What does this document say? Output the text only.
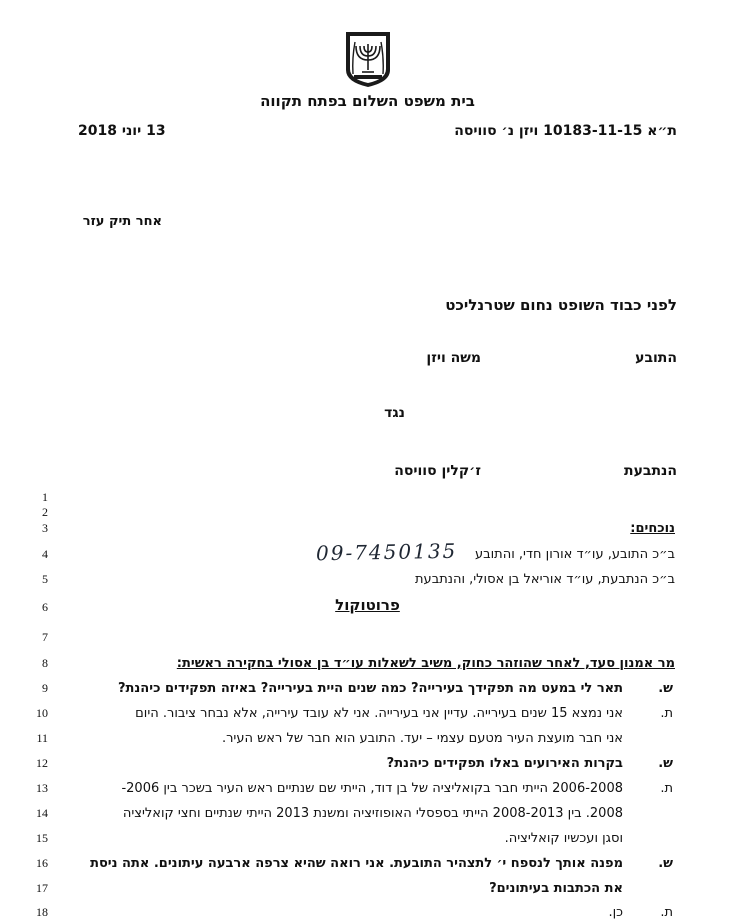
בית משפט השלום בפתח תקווה
ת״א 10183-11-15 ויזן נ׳ סוויסה
13 יוני 2018
אחר תיק עזר
לפני כבוד השופט נחום שטרנליכט
התובע
משה ויזן
נגד
הנתבעת
ז׳קלין סוויסה
1
2
3
4
5
6
7
8
9
10
11
12
13
14
15
16
17
18
נוכחים:
ב״כ התובע, עו״ד אורון חדי, והתובע
09-7450135
ב״כ הנתבעת, עו״ד אוריאל בן אסולי, והנתבעת
פרוטוקול
מר אמנון סעד, לאחר שהוזהר כחוק, משיב לשאלות עו״ד בן אסולי בחקירה ראשית:
ש.
תאר לי במעט מה תפקידך בעירייה? כמה שנים היית בעירייה? באיזה תפקידים כיהנת?
ת.
אני נמצא 15 שנים בעירייה. עדיין אני בעירייה. אני לא עובד עירייה, אלא נבחר ציבור. היום
אני חבר מועצת העיר מטעם עצמי – יעד. התובע הוא חבר של ראש העיר.
ש.
בקרות האירועים באלו תפקידים כיהנת?
ת.
2006-2008 הייתי חבר בקואליציה של בן דוד, הייתי שם שנתיים ראש העיר בשכר בין 2006-
2008. בין 2008-2013 הייתי בספסלי האופוזיציה ומשנת 2013 הייתי שנתיים וחצי קואליציה
וסגן ועכשיו קואליציה.
ש.
מפנה אותך לנספח י׳ לתצהיר התובעת. אני רואה שהיא צרפה ארבעה עיתונים. אתה ניסת
את הכתבות בעיתונים?
ת.
כן.
